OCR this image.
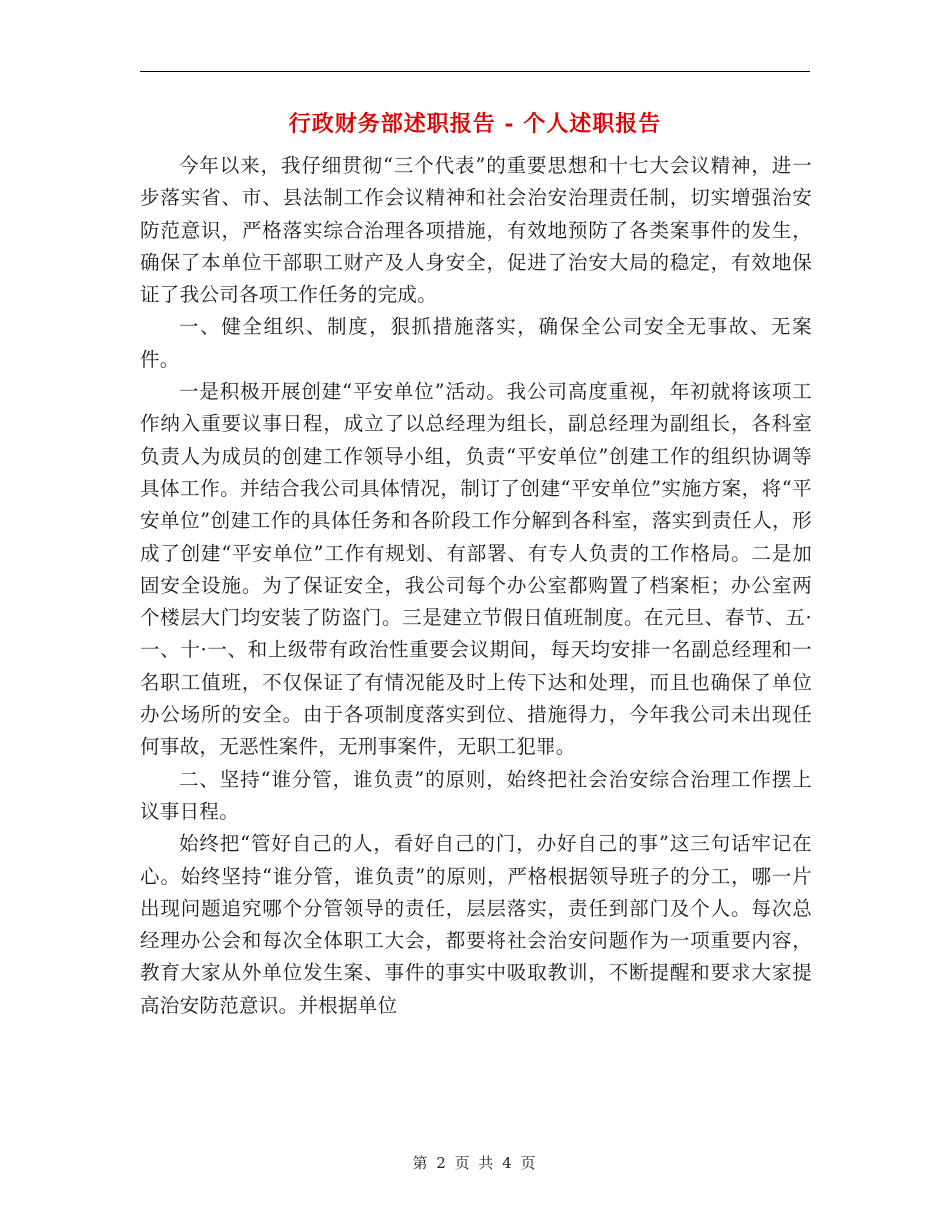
行政财务部述职报告 - 个人述职报告

今年以来，我仔细贯彻“三个代表”的重要思想和十七大会议精神，进一步落实省、市、县法制工作会议精神和社会治安治理责任制，切实增强治安防范意识，严格落实综合治理各项措施，有效地预防了各类案事件的发生，确保了本单位干部职工财产及人身安全，促进了治安大局的稳定，有效地保证了我公司各项工作任务的完成。

一、健全组织、制度，狠抓措施落实，确保全公司安全无事故、无案件。

一是积极开展创建“平安单位”活动。我公司高度重视，年初就将该项工作纳入重要议事日程，成立了以总经理为组长，副总经理为副组长，各科室负责人为成员的创建工作领导小组，负责“平安单位”创建工作的组织协调等具体工作。并结合我公司具体情况，制订了创建“平安单位”实施方案，将“平安单位”创建工作的具体任务和各阶段工作分解到各科室，落实到责任人，形成了创建“平安单位”工作有规划、有部署、有专人负责的工作格局。二是加固安全设施。为了保证安全，我公司每个办公室都购置了档案柜；办公室两个楼层大门均安装了防盗门。三是建立节假日值班制度。在元旦、春节、五·一、十·一、和上级带有政治性重要会议期间，每天均安排一名副总经理和一名职工值班，不仅保证了有情况能及时上传下达和处理，而且也确保了单位办公场所的安全。由于各项制度落实到位、措施得力，今年我公司未出现任何事故，无恶性案件，无刑事案件，无职工犯罪。

二、坚持“谁分管，谁负责”的原则，始终把社会治安综合治理工作摆上议事日程。

始终把“管好自己的人，看好自己的门，办好自己的事”这三句话牢记在心。始终坚持“谁分管，谁负责”的原则，严格根据领导班子的分工，哪一片出现问题追究哪个分管领导的责任，层层落实，责任到部门及个人。每次总经理办公会和每次全体职工大会，都要将社会治安问题作为一项重要内容，教育大家从外单位发生案、事件的事实中吸取教训，不断提醒和要求大家提高治安防范意识。并根据单位

第 2 页 共 4 页
